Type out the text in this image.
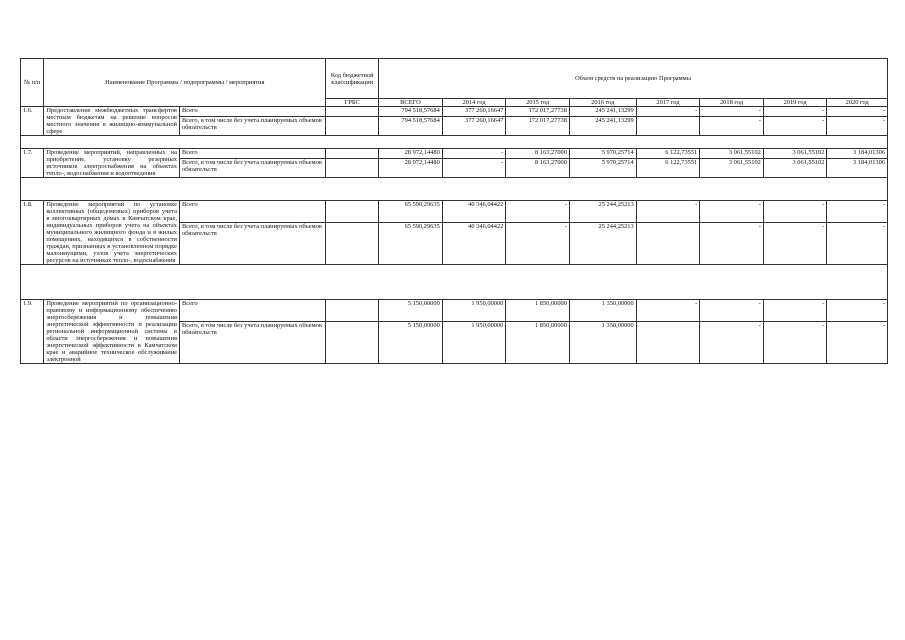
№ п/п	Наименование Программы / подпрограммы / мероприятия		Код бюджетной классификации	Объем средств на реализацию Программы							
			ГРБС	ВСЕГО	2014 год	2015 год	2016 год	2017 год	2018 год	2019 год	2020 год
1.6.	Предоставление межбюджетных трансфертов местным бюджетам на решение вопросов местного значения в жилищно-коммунальной сфере	Всего		794 518,57684	377 260,16647	172 017,27738	245 241,13299	-	-	-	-
		Всего, в том числе без учета планируемых объемов обязательств		794 518,57684	377 260,16647	172 017,27738	245 241,13299		-	-	-

1.7.	Проведение мероприятий, направленных на приобретение, установку резервных источников электроснабжения на объектах тепло-, водоснабжения и водоотведения	Всего		28 972,14480	-	8 163,27000	5 970,25714	6 122,73551	3 061,55102	3 061,55102	3 184,01306
		Всего, в том числе без учета планируемых объемов обязательств		28 972,14480	-	8 163,27000	5 970,25714	6 122,73551	3 061,55102	3 061,55102	3 184,01306

1.8.	Проведение мероприятий по установке коллективных (общедомовых) приборов учета в многоквартирных домах в Камчатском крае, индивидуальных приборов учета на объектах муниципального жилищного фонда и в жилых помещениях, находящихся в собственности граждан, признанных в установленном порядке малоимущими, узлов учета энергетических ресурсов на источниках тепло-, водоснабжения	Всего		65 590,29635	40 346,04422	-	25 244,25213	-	-	-	-
		Всего, в том числе без учета планируемых объемов обязательств		65 590,29635	40 346,04422	-	25 244,25213		-	-	-

1.9.	Проведение мероприятий по организационно-правовому и информационному обеспечению энергосбережения и повышения энергетической эффективности и реализации региональной информационной системы в области энергосбережения и повышения энергетической эффективности в Камчатском крае и аварийное техническое обслуживание электронной	Всего		5 150,00000	1 950,00000	1 850,00000	1 350,00000	-	-	-	-
		Всего, в том числе без учета планируемых объемов обязательств		5 150,00000	1 950,00000	1 850,00000	1 350,00000		-	-	-
